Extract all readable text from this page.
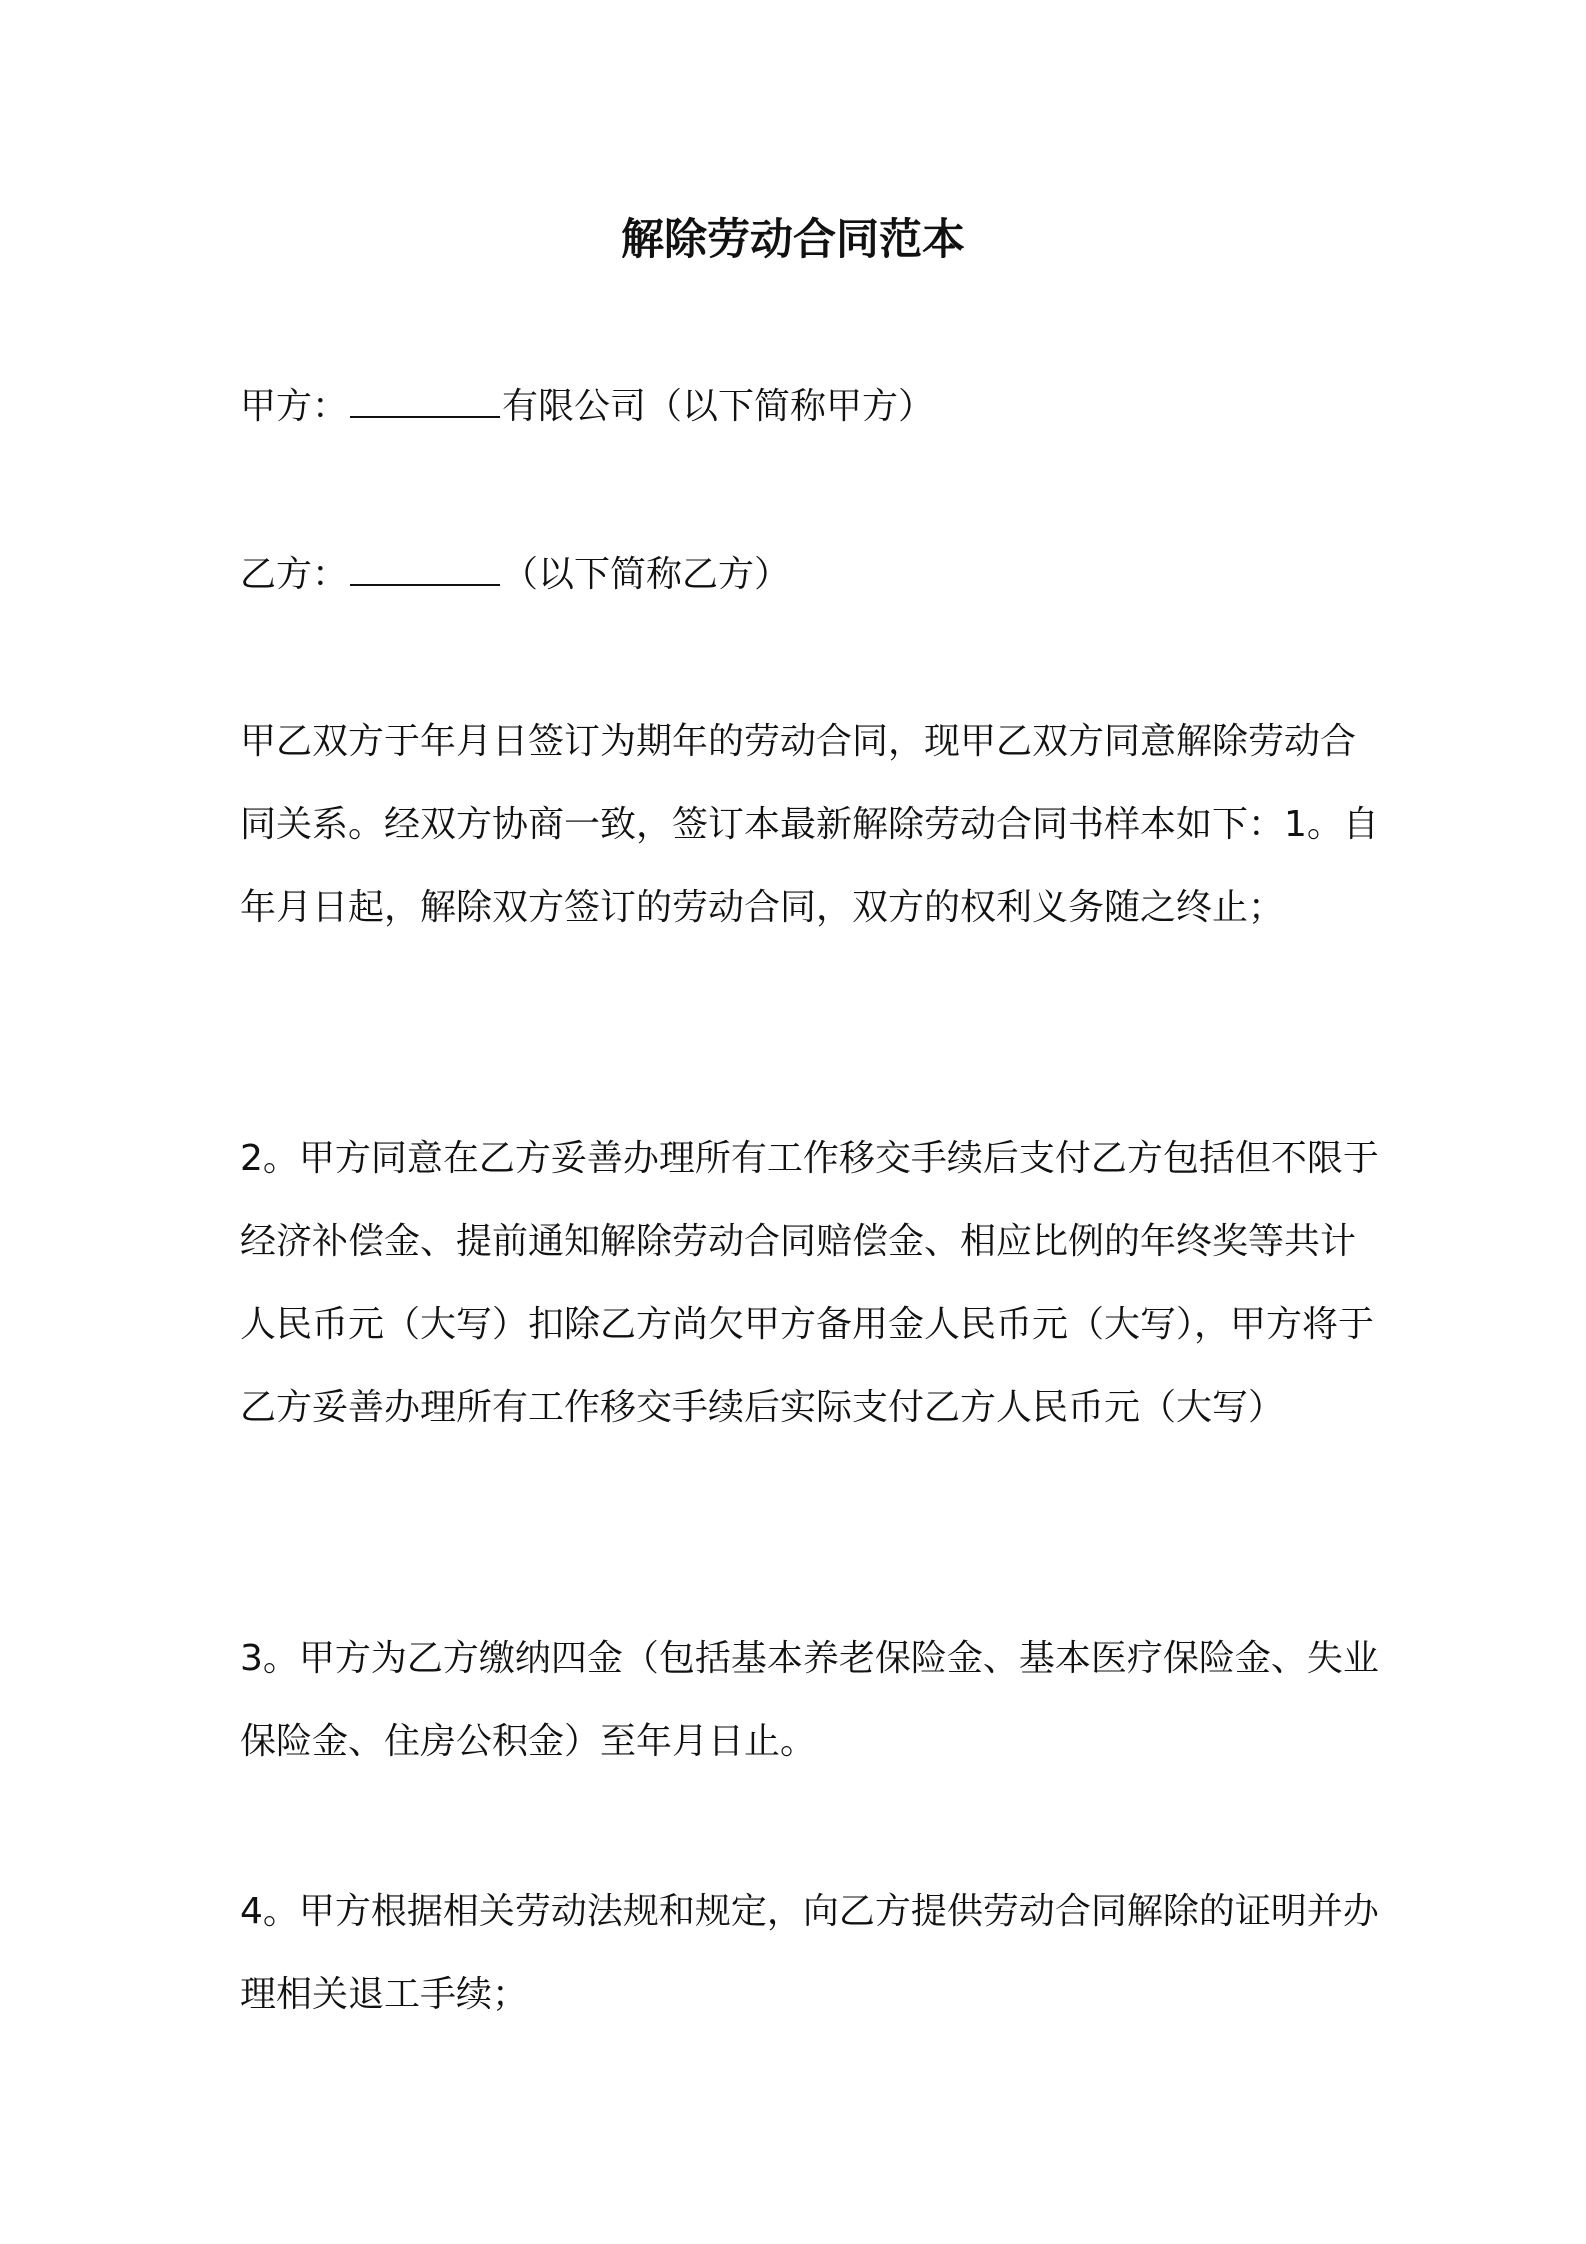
解除劳动合同范本
甲方：	有限公司（以下简称甲方）
乙方：	（以下简称乙方）
甲乙双方于年月日签订为期年的劳动合同，现甲乙双方同意解除劳动合同关系。经双方协商一致，签订本最新解除劳动合同书样本如下：1。自年月日起，解除双方签订的劳动合同，双方的权利义务随之终止；
2。甲方同意在乙方妥善办理所有工作移交手续后支付乙方包括但不限于经济补偿金、提前通知解除劳动合同赔偿金、相应比例的年终奖等共计人民币元（大写）扣除乙方尚欠甲方备用金人民币元（大写），甲方将于乙方妥善办理所有工作移交手续后实际支付乙方人民币元（大写）
3。甲方为乙方缴纳四金（包括基本养老保险金、基本医疗保险金、失业保险金、住房公积金）至年月日止。
4。甲方根据相关劳动法规和规定，向乙方提供劳动合同解除的证明并办理相关退工手续；
